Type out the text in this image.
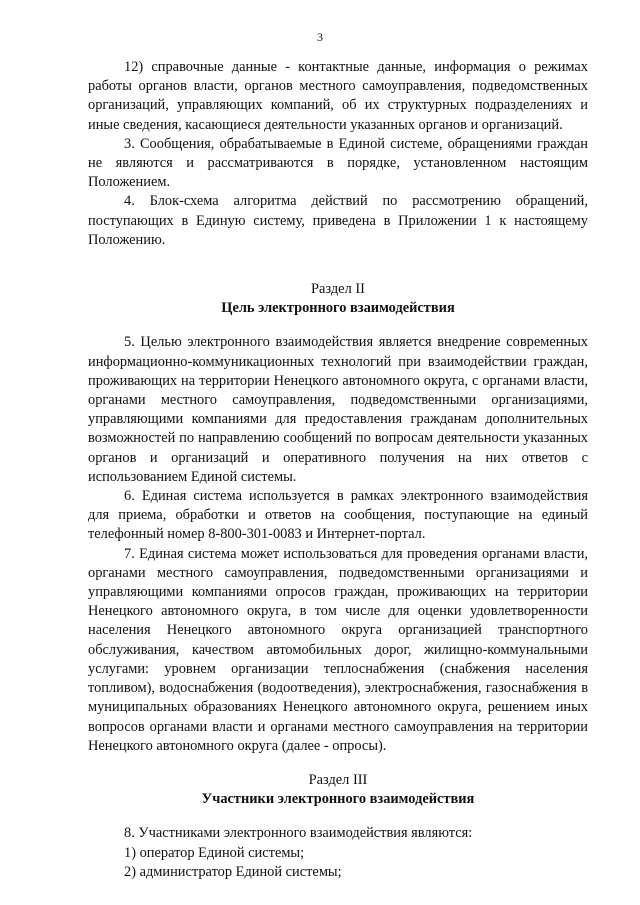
3

12) справочные данные - контактные данные, информация о режимах работы органов власти, органов местного самоуправления, подведомственных организаций, управляющих компаний, об их структурных подразделениях и иные сведения, касающиеся деятельности указанных органов и организаций.

3. Сообщения, обрабатываемые в Единой системе, обращениями граждан не являются и рассматриваются в порядке, установленном настоящим Положением.

4. Блок-схема алгоритма действий по рассмотрению обращений, поступающих в Единую систему, приведена в Приложении 1 к настоящему Положению.

Раздел II

Цель электронного взаимодействия

5. Целью электронного взаимодействия является внедрение современных информационно-коммуникационных технологий при взаимодействии граждан, проживающих на территории Ненецкого автономного округа, с органами власти, органами местного самоуправления, подведомственными организациями, управляющими компаниями для предоставления гражданам дополнительных возможностей по направлению сообщений по вопросам деятельности указанных органов и организаций и оперативного получения на них ответов с использованием Единой системы.

6. Единая система используется в рамках электронного взаимодействия для приема, обработки и ответов на сообщения, поступающие на единый телефонный номер 8-800-301-0083 и Интернет-портал.

7. Единая система может использоваться для проведения органами власти, органами местного самоуправления, подведомственными организациями и управляющими компаниями опросов граждан, проживающих на территории Ненецкого автономного округа, в том числе для оценки удовлетворенности населения Ненецкого автономного округа организацией транспортного обслуживания, качеством автомобильных дорог, жилищно-коммунальными услугами: уровнем организации теплоснабжения (снабжения населения топливом), водоснабжения (водоотведения), электроснабжения, газоснабжения в муниципальных образованиях Ненецкого автономного округа, решением иных вопросов органами власти и органами местного самоуправления на территории Ненецкого автономного округа (далее - опросы).

Раздел III

Участники электронного взаимодействия

8. Участниками электронного взаимодействия являются:

1) оператор Единой системы;

2) администратор Единой системы;
